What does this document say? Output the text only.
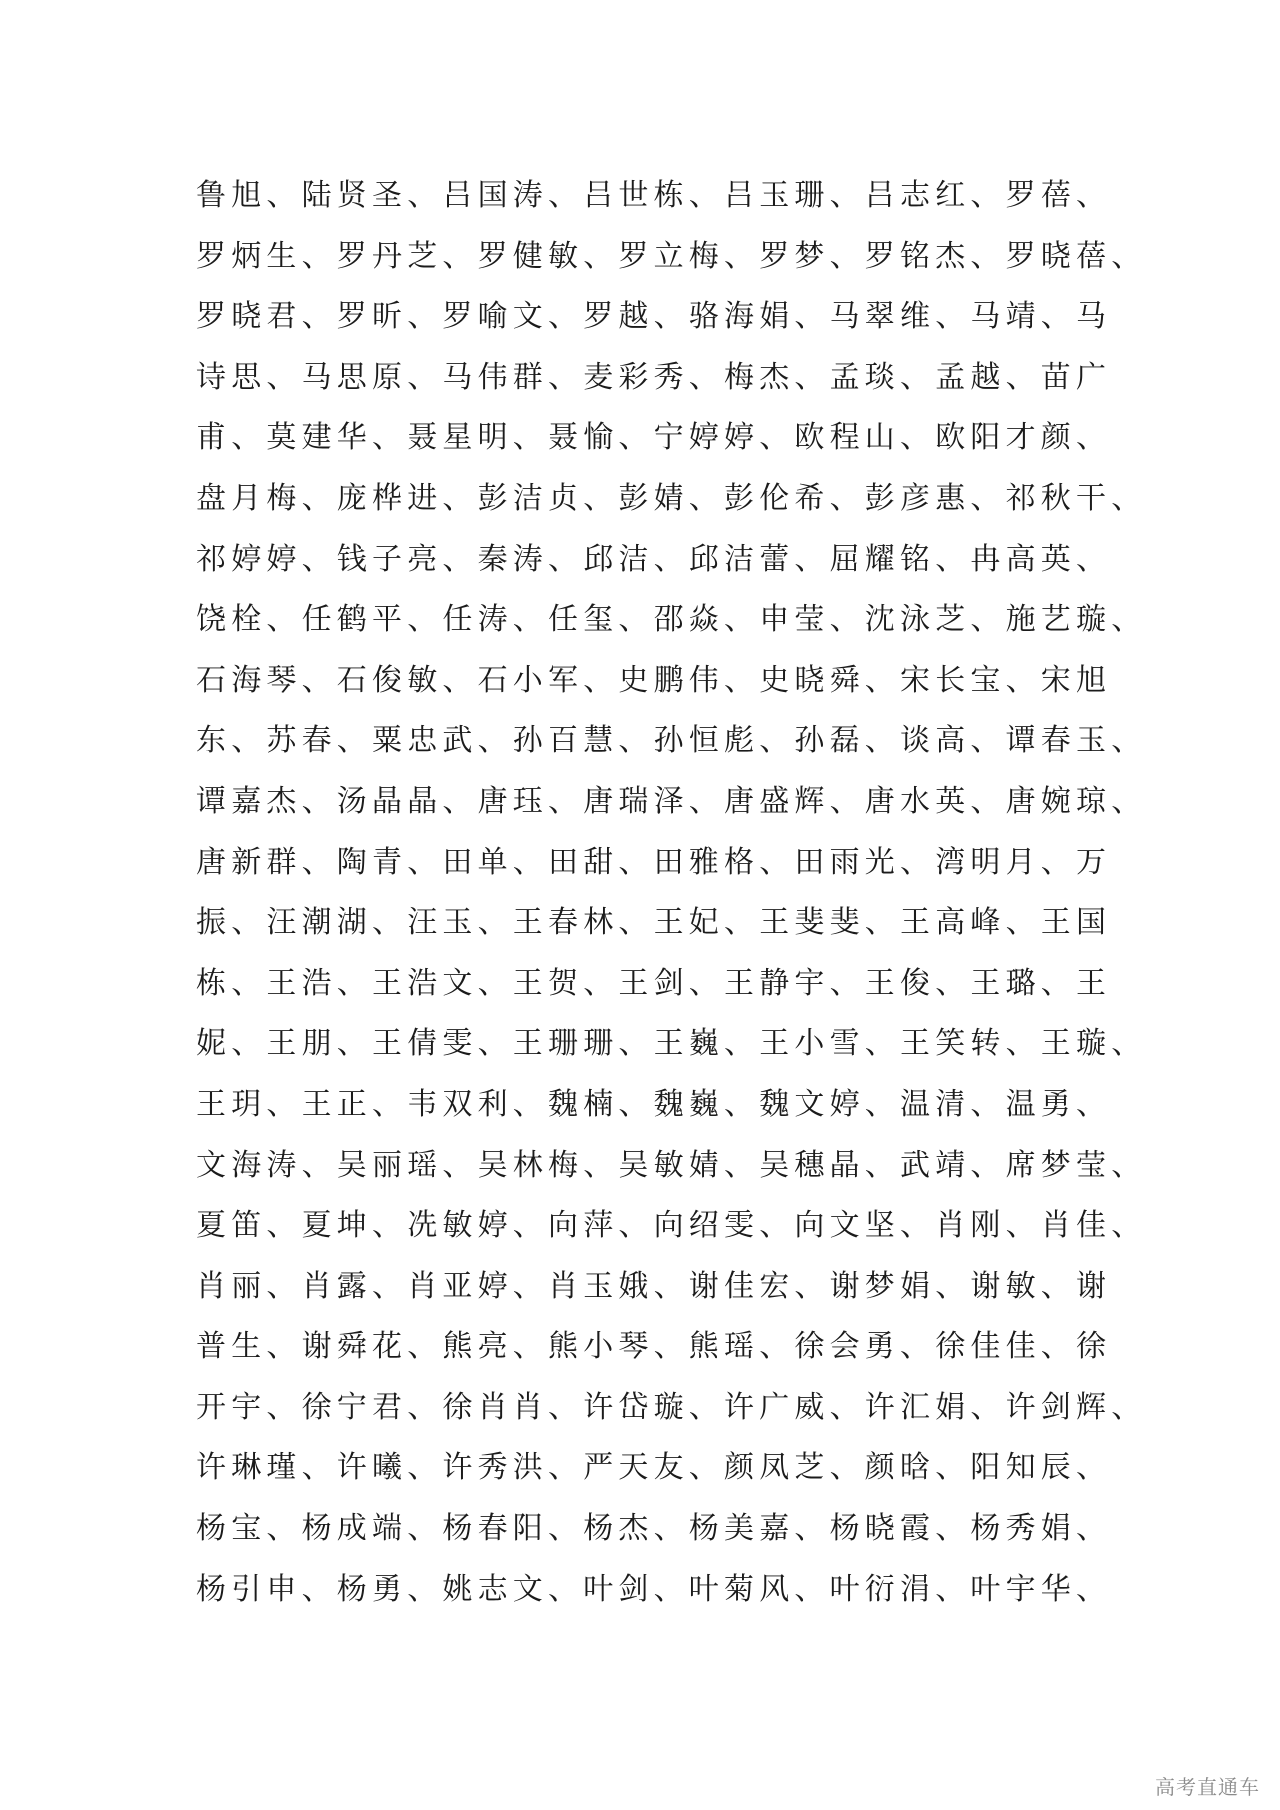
鲁旭、陆贤圣、吕国涛、吕世栋、吕玉珊、吕志红、罗蓓、
罗炳生、罗丹芝、罗健敏、罗立梅、罗梦、罗铭杰、罗晓蓓、
罗晓君、罗昕、罗喻文、罗越、骆海娟、马翠维、马靖、马
诗思、马思原、马伟群、麦彩秀、梅杰、孟琰、孟越、苗广
甫、莫建华、聂星明、聂愉、宁婷婷、欧程山、欧阳才颜、
盘月梅、庞桦进、彭洁贞、彭婧、彭伦希、彭彦惠、祁秋干、
祁婷婷、钱子亮、秦涛、邱洁、邱洁蕾、屈耀铭、冉高英、
饶栓、任鹤平、任涛、任玺、邵焱、申莹、沈泳芝、施艺璇、
石海琴、石俊敏、石小军、史鹏伟、史晓舜、宋长宝、宋旭
东、苏春、粟忠武、孙百慧、孙恒彪、孙磊、谈高、谭春玉、
谭嘉杰、汤晶晶、唐珏、唐瑞泽、唐盛辉、唐水英、唐婉琼、
唐新群、陶青、田单、田甜、田雅格、田雨光、湾明月、万
振、汪潮湖、汪玉、王春林、王妃、王斐斐、王高峰、王国
栋、王浩、王浩文、王贺、王剑、王静宇、王俊、王璐、王
妮、王朋、王倩雯、王珊珊、王巍、王小雪、王笑转、王璇、
王玥、王正、韦双利、魏楠、魏巍、魏文婷、温清、温勇、
文海涛、吴丽瑶、吴林梅、吴敏婧、吴穗晶、武靖、席梦莹、
夏笛、夏坤、冼敏婷、向萍、向绍雯、向文坚、肖刚、肖佳、
肖丽、肖露、肖亚婷、肖玉娥、谢佳宏、谢梦娟、谢敏、谢
普生、谢舜花、熊亮、熊小琴、熊瑶、徐会勇、徐佳佳、徐
开宇、徐宁君、徐肖肖、许岱璇、许广威、许汇娟、许剑辉、
许琳瑾、许曦、许秀洪、严天友、颜凤芝、颜晗、阳知辰、
杨宝、杨成端、杨春阳、杨杰、杨美嘉、杨晓霞、杨秀娟、
杨引申、杨勇、姚志文、叶剑、叶菊风、叶衍涓、叶宇华、
高考直通车
